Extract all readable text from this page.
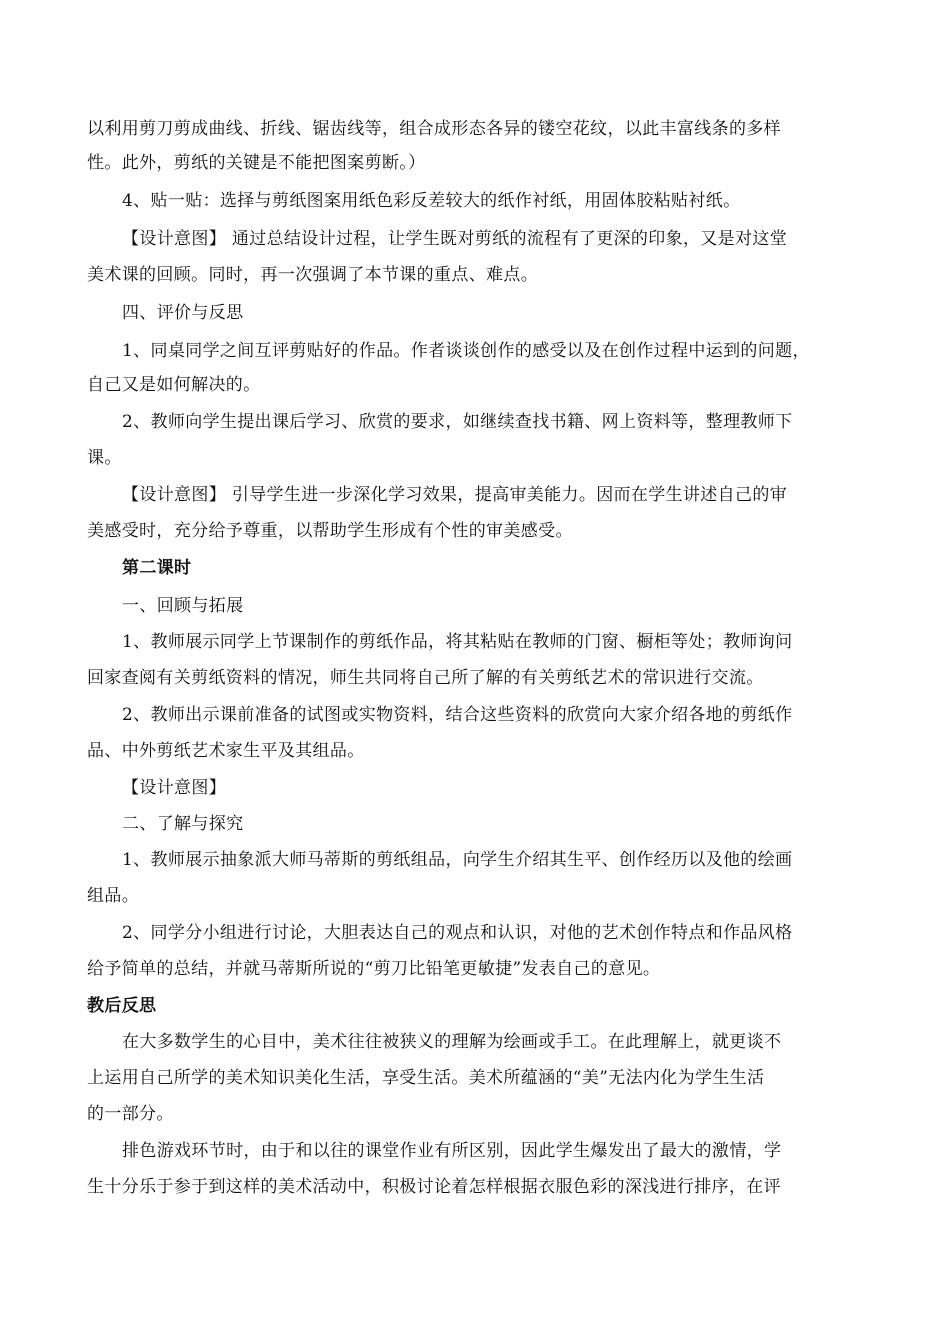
以利用剪刀剪成曲线、折线、锯齿线等，组合成形态各异的镂空花纹，以此丰富线条的多样
性。此外，剪纸的关键是不能把图案剪断。）
4、贴一贴：选择与剪纸图案用纸色彩反差较大的纸作衬纸，用固体胶粘贴衬纸。
【设计意图】 通过总结设计过程，让学生既对剪纸的流程有了更深的印象，又是对这堂
美术课的回顾。同时，再一次强调了本节课的重点、难点。
四、评价与反思
1、同桌同学之间互评剪贴好的作品。作者谈谈创作的感受以及在创作过程中运到的问题，
自己又是如何解决的。
2、教师向学生提出课后学习、欣赏的要求，如继续查找书籍、网上资料等，整理教师下
课。
【设计意图】 引导学生进一步深化学习效果，提高审美能力。因而在学生讲述自己的审
美感受时，充分给予尊重，以帮助学生形成有个性的审美感受。
第二课时
一、回顾与拓展
1、教师展示同学上节课制作的剪纸作品，将其粘贴在教师的门窗、橱柜等处；教师询问
回家查阅有关剪纸资料的情况，师生共同将自己所了解的有关剪纸艺术的常识进行交流。
2、教师出示课前准备的试图或实物资料，结合这些资料的欣赏向大家介绍各地的剪纸作
品、中外剪纸艺术家生平及其组品。
【设计意图】
二、了解与探究
1、教师展示抽象派大师马蒂斯的剪纸组品，向学生介绍其生平、创作经历以及他的绘画
组品。
2、同学分小组进行讨论，大胆表达自己的观点和认识，对他的艺术创作特点和作品风格
给予简单的总结，并就马蒂斯所说的“剪刀比铅笔更敏捷”发表自己的意见。
教后反思
在大多数学生的心目中，美术往往被狭义的理解为绘画或手工。在此理解上，就更谈不
上运用自己所学的美术知识美化生活，享受生活。美术所蕴涵的“美”无法内化为学生生活
的一部分。
排色游戏环节时，由于和以往的课堂作业有所区别，因此学生爆发出了最大的激情，学
生十分乐于参于到这样的美术活动中，积极讨论着怎样根据衣服色彩的深浅进行排序，在评
